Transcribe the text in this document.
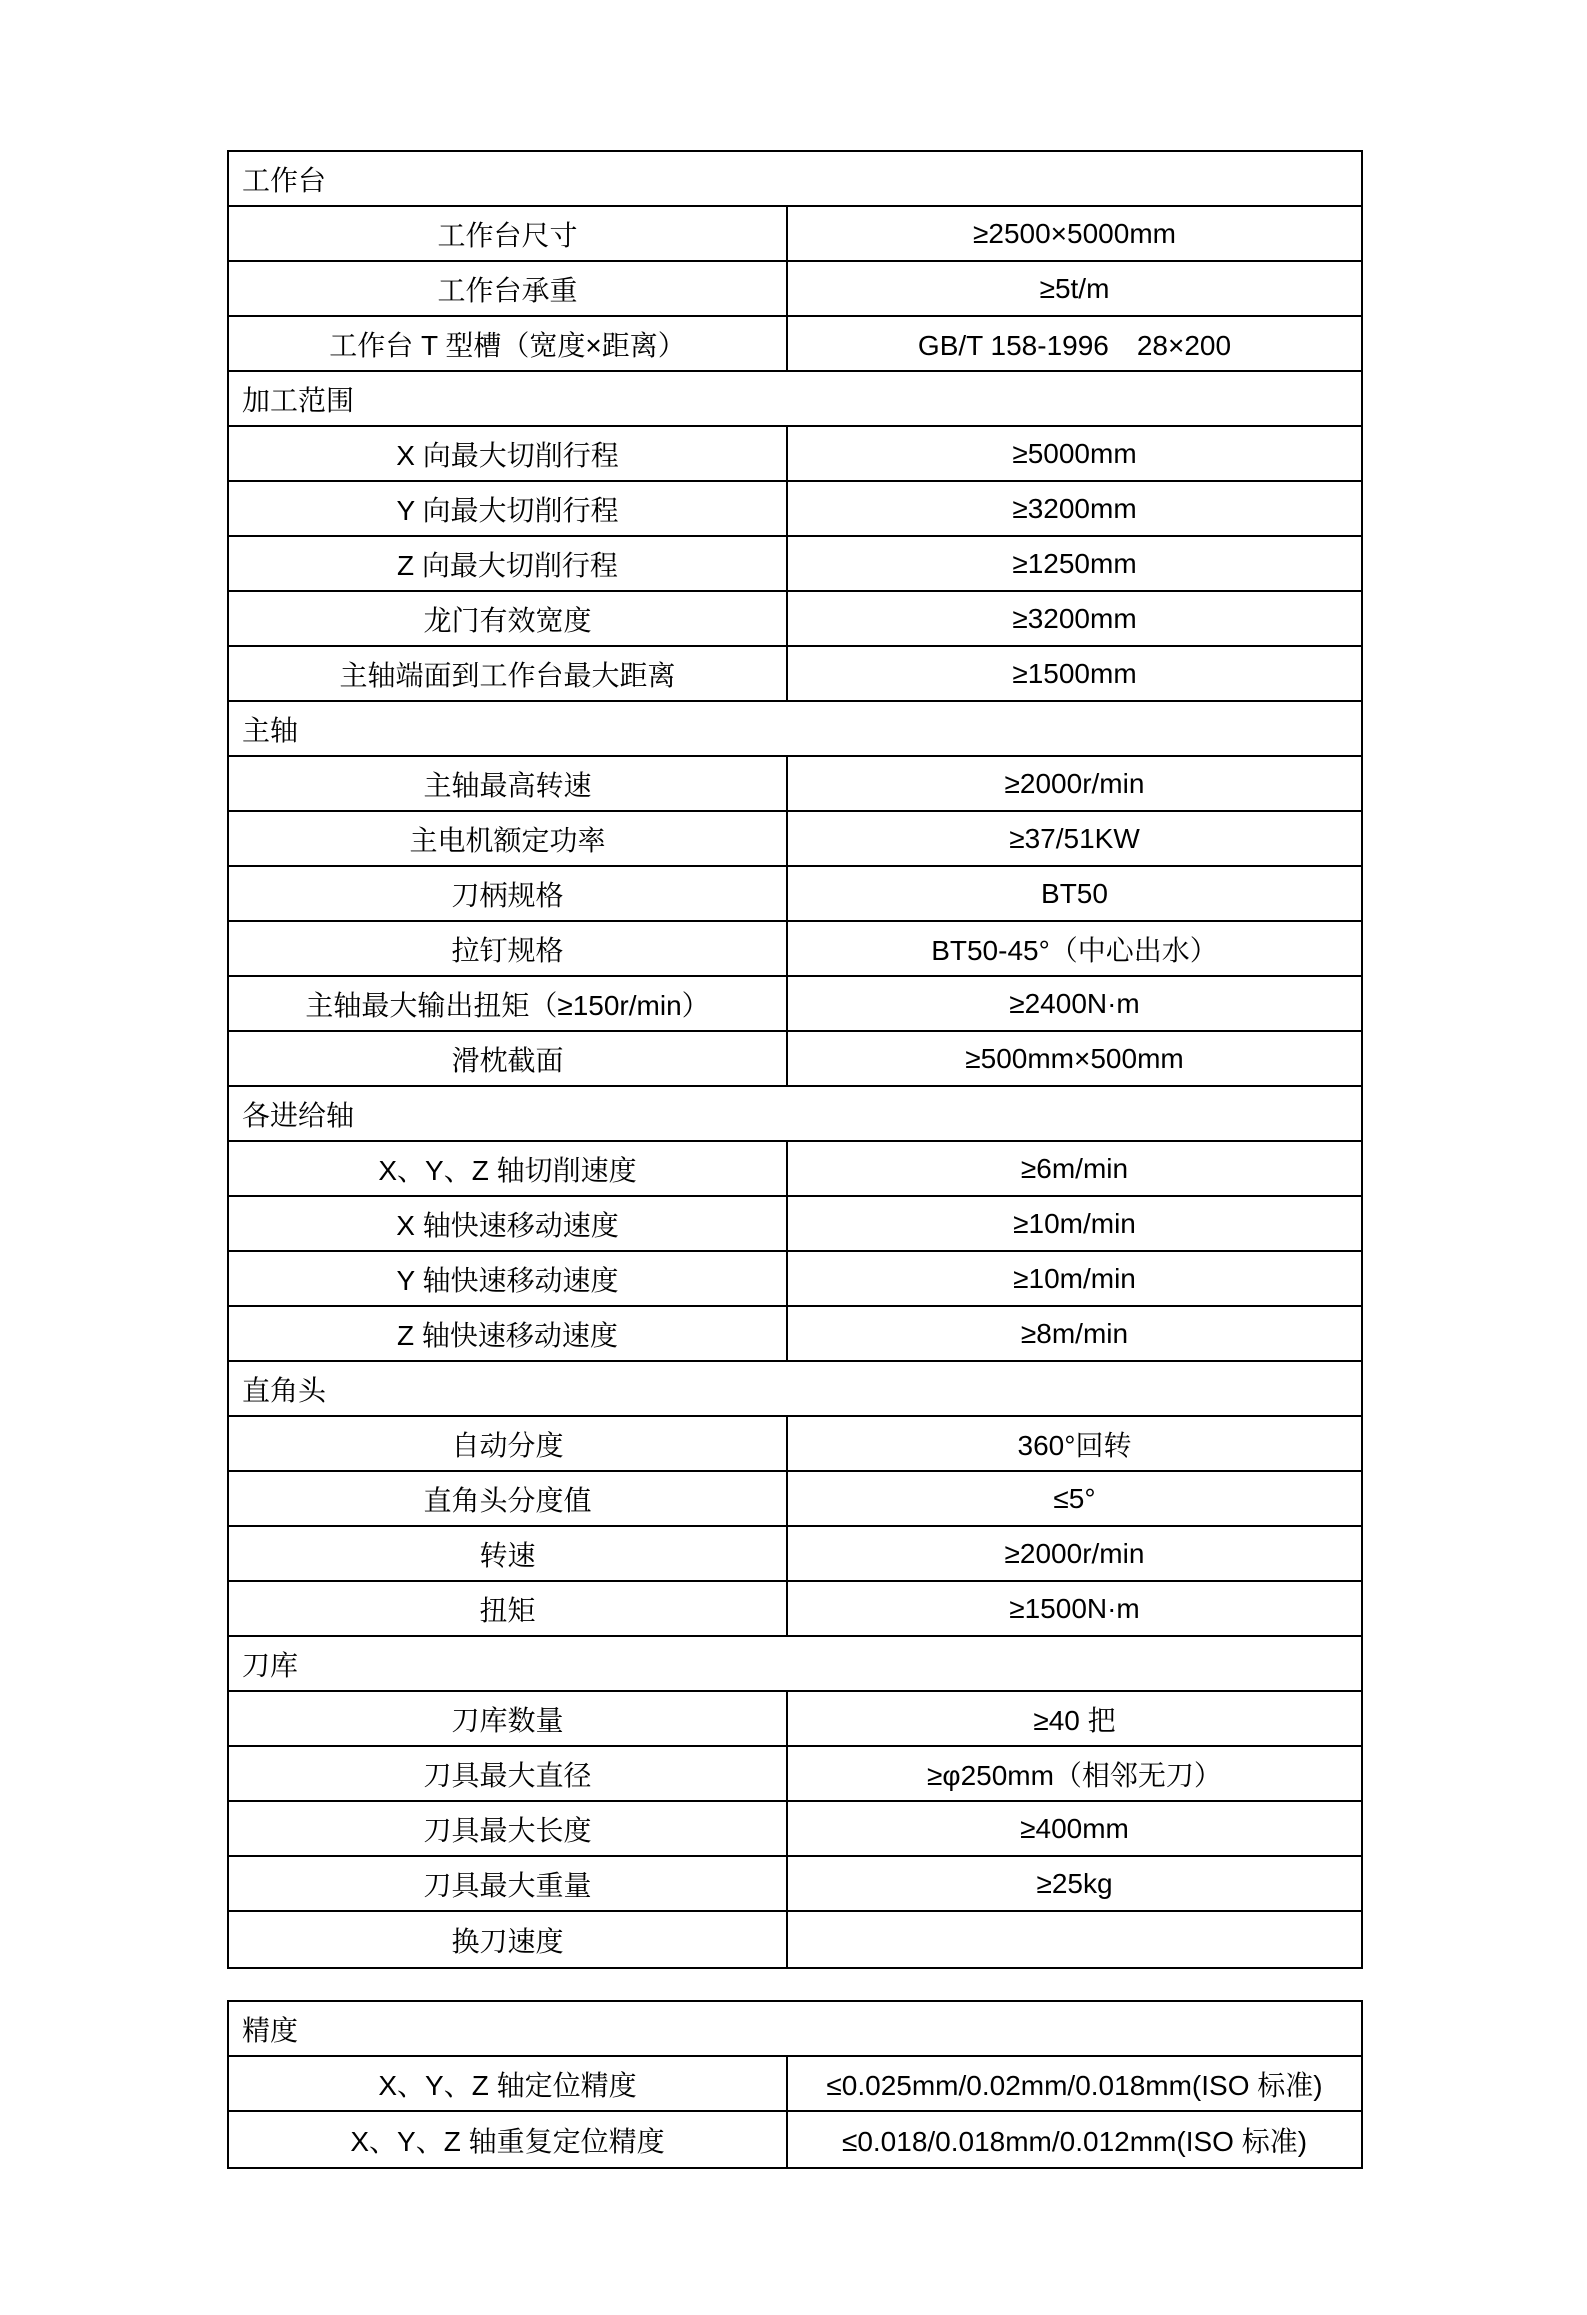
工作台
工作台尺寸	≥2500×5000mm
工作台承重	≥5t/m
工作台 T 型槽（宽度×距离）	GB/T 158-1996　28×200
加工范围
X 向最大切削行程	≥5000mm
Y 向最大切削行程	≥3200mm
Z 向最大切削行程	≥1250mm
龙门有效宽度	≥3200mm
主轴端面到工作台最大距离	≥1500mm
主轴
主轴最高转速	≥2000r/min
主电机额定功率	≥37/51KW
刀柄规格	BT50
拉钉规格	BT50-45°（中心出水）
主轴最大输出扭矩（≥150r/min）	≥2400N·m
滑枕截面	≥500mm×500mm
各进给轴
X、Y、Z 轴切削速度	≥6m/min
X 轴快速移动速度	≥10m/min
Y 轴快速移动速度	≥10m/min
Z 轴快速移动速度	≥8m/min
直角头
自动分度	360°回转
直角头分度值	≤5°
转速	≥2000r/min
扭矩	≥1500N·m
刀库
刀库数量	≥40 把
刀具最大直径	≥φ250mm（相邻无刀）
刀具最大长度	≥400mm
刀具最大重量	≥25kg
换刀速度
精度
X、Y、Z 轴定位精度	≤0.025mm/0.02mm/0.018mm(ISO 标准)
X、Y、Z 轴重复定位精度	≤0.018/0.018mm/0.012mm(ISO 标准)
